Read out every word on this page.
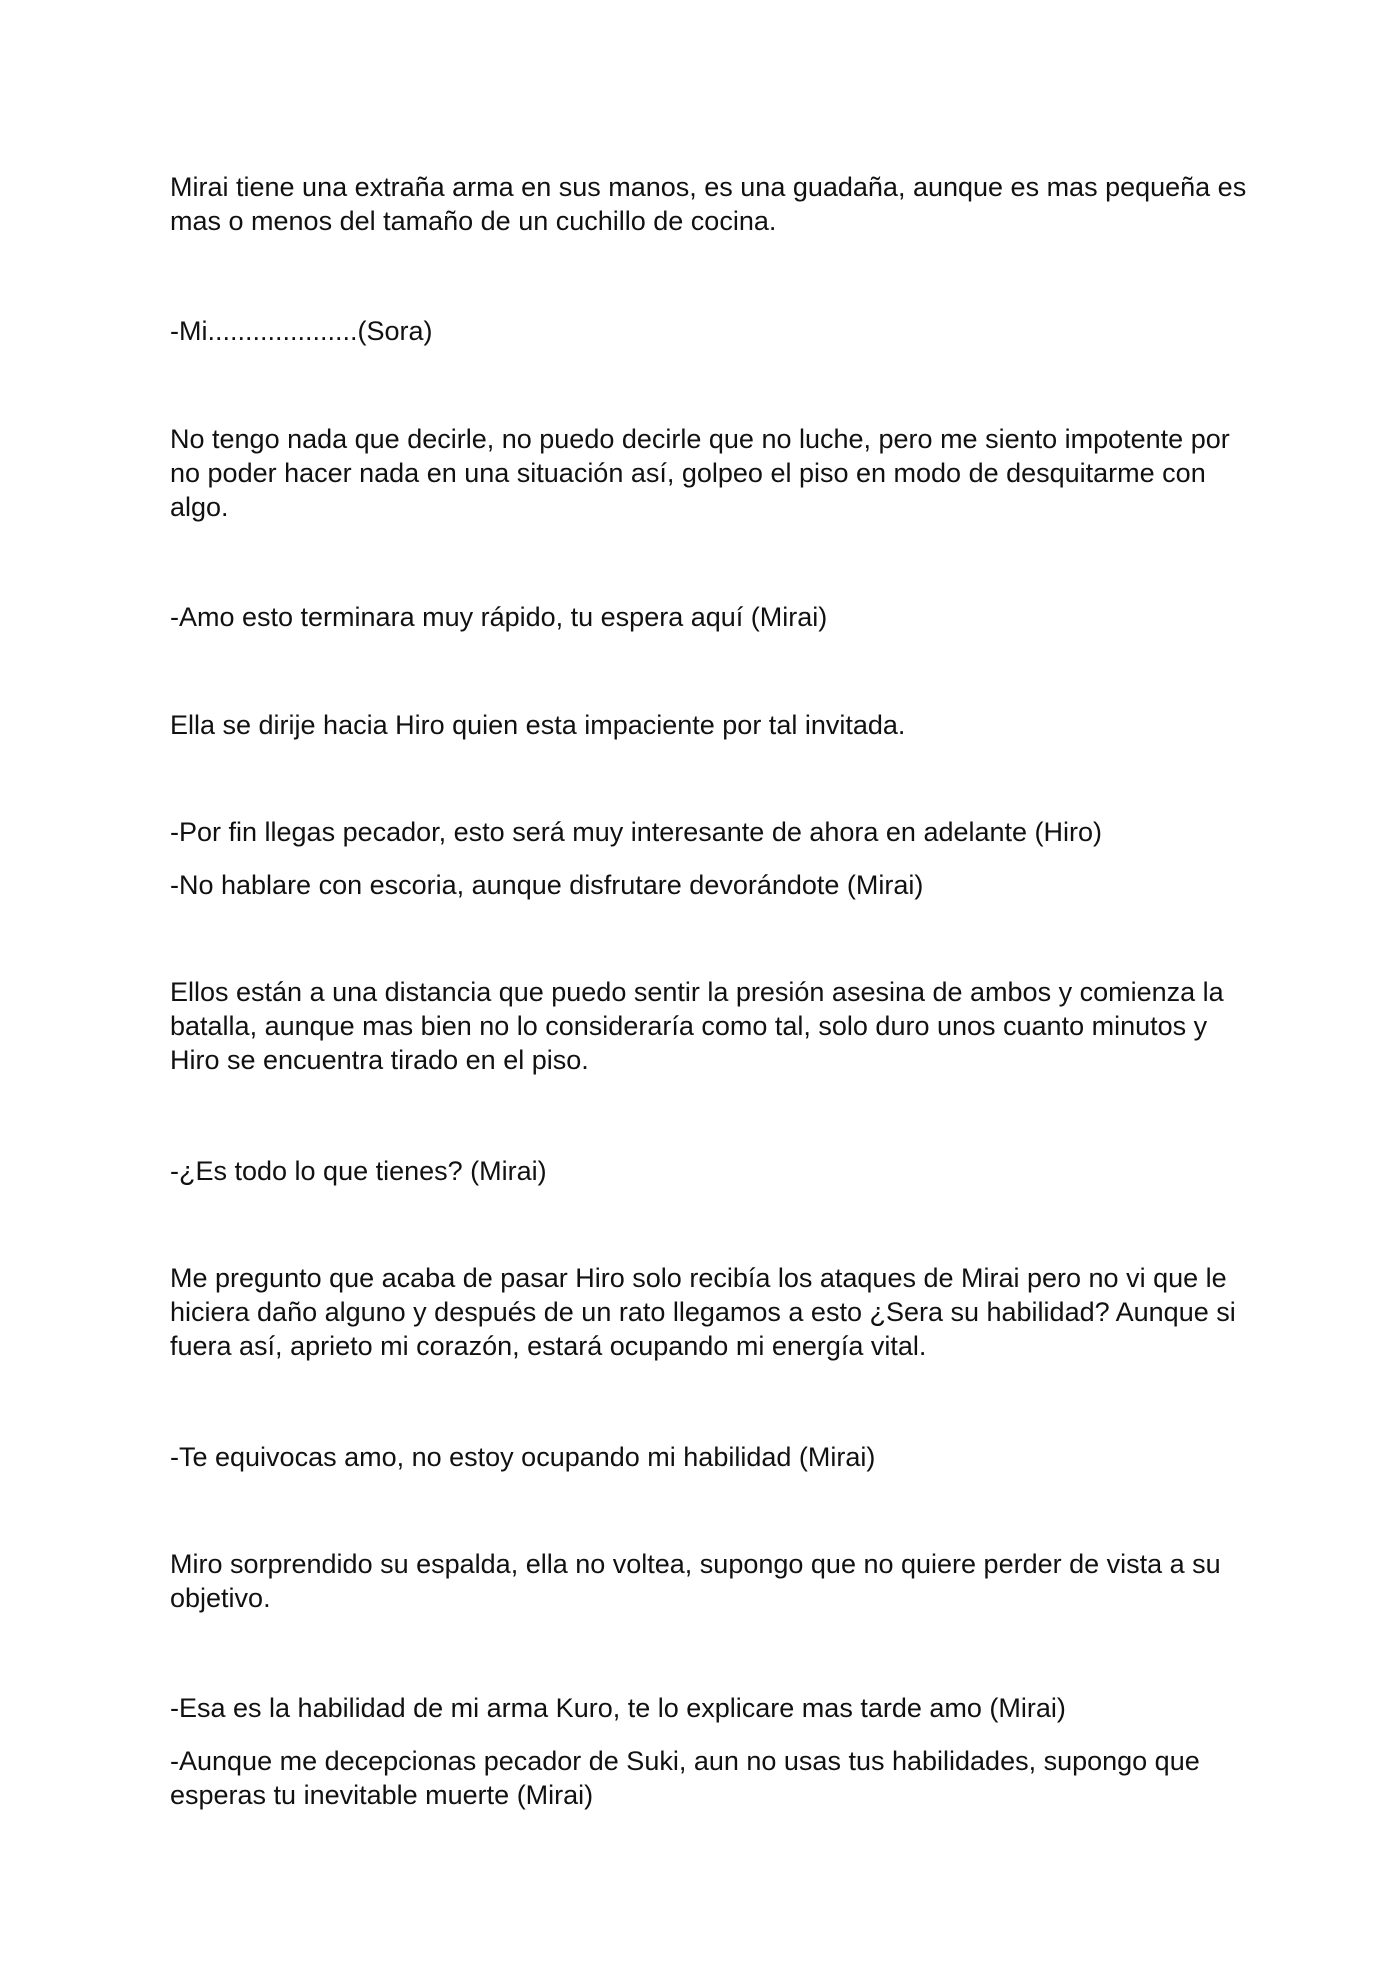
Mirai tiene una extraña arma en sus manos, es una guadaña, aunque es mas pequeña es mas o menos del tamaño de un cuchillo de cocina.

-Mi....................(Sora)

No tengo nada que decirle, no puedo decirle que no luche, pero me siento impotente por no poder hacer nada en una situación así, golpeo el piso en modo de desquitarme con algo.

-Amo esto terminara muy rápido, tu espera aquí (Mirai)

Ella se dirije hacia Hiro quien esta impaciente por tal invitada.

-Por fin llegas pecador, esto será muy interesante de ahora en adelante (Hiro)

-No hablare con escoria, aunque disfrutare devorándote (Mirai)

Ellos están a una distancia que puedo sentir la presión asesina de ambos y comienza la batalla, aunque mas bien no lo consideraría como tal, solo duro unos cuanto minutos y Hiro se encuentra tirado en el piso.

-¿Es todo lo que tienes? (Mirai)

Me pregunto que acaba de pasar Hiro solo recibía los ataques de Mirai pero no vi que le hiciera daño alguno y después de un rato llegamos a esto ¿Sera su habilidad? Aunque si fuera así, aprieto mi corazón, estará ocupando mi energía vital.

-Te equivocas amo, no estoy ocupando mi habilidad (Mirai)

Miro sorprendido su espalda, ella no voltea, supongo que no quiere perder de vista a su objetivo.

-Esa es la habilidad de mi arma Kuro, te lo explicare mas tarde amo (Mirai)

-Aunque me decepcionas pecador de Suki, aun no usas tus habilidades, supongo que esperas tu inevitable muerte (Mirai)
